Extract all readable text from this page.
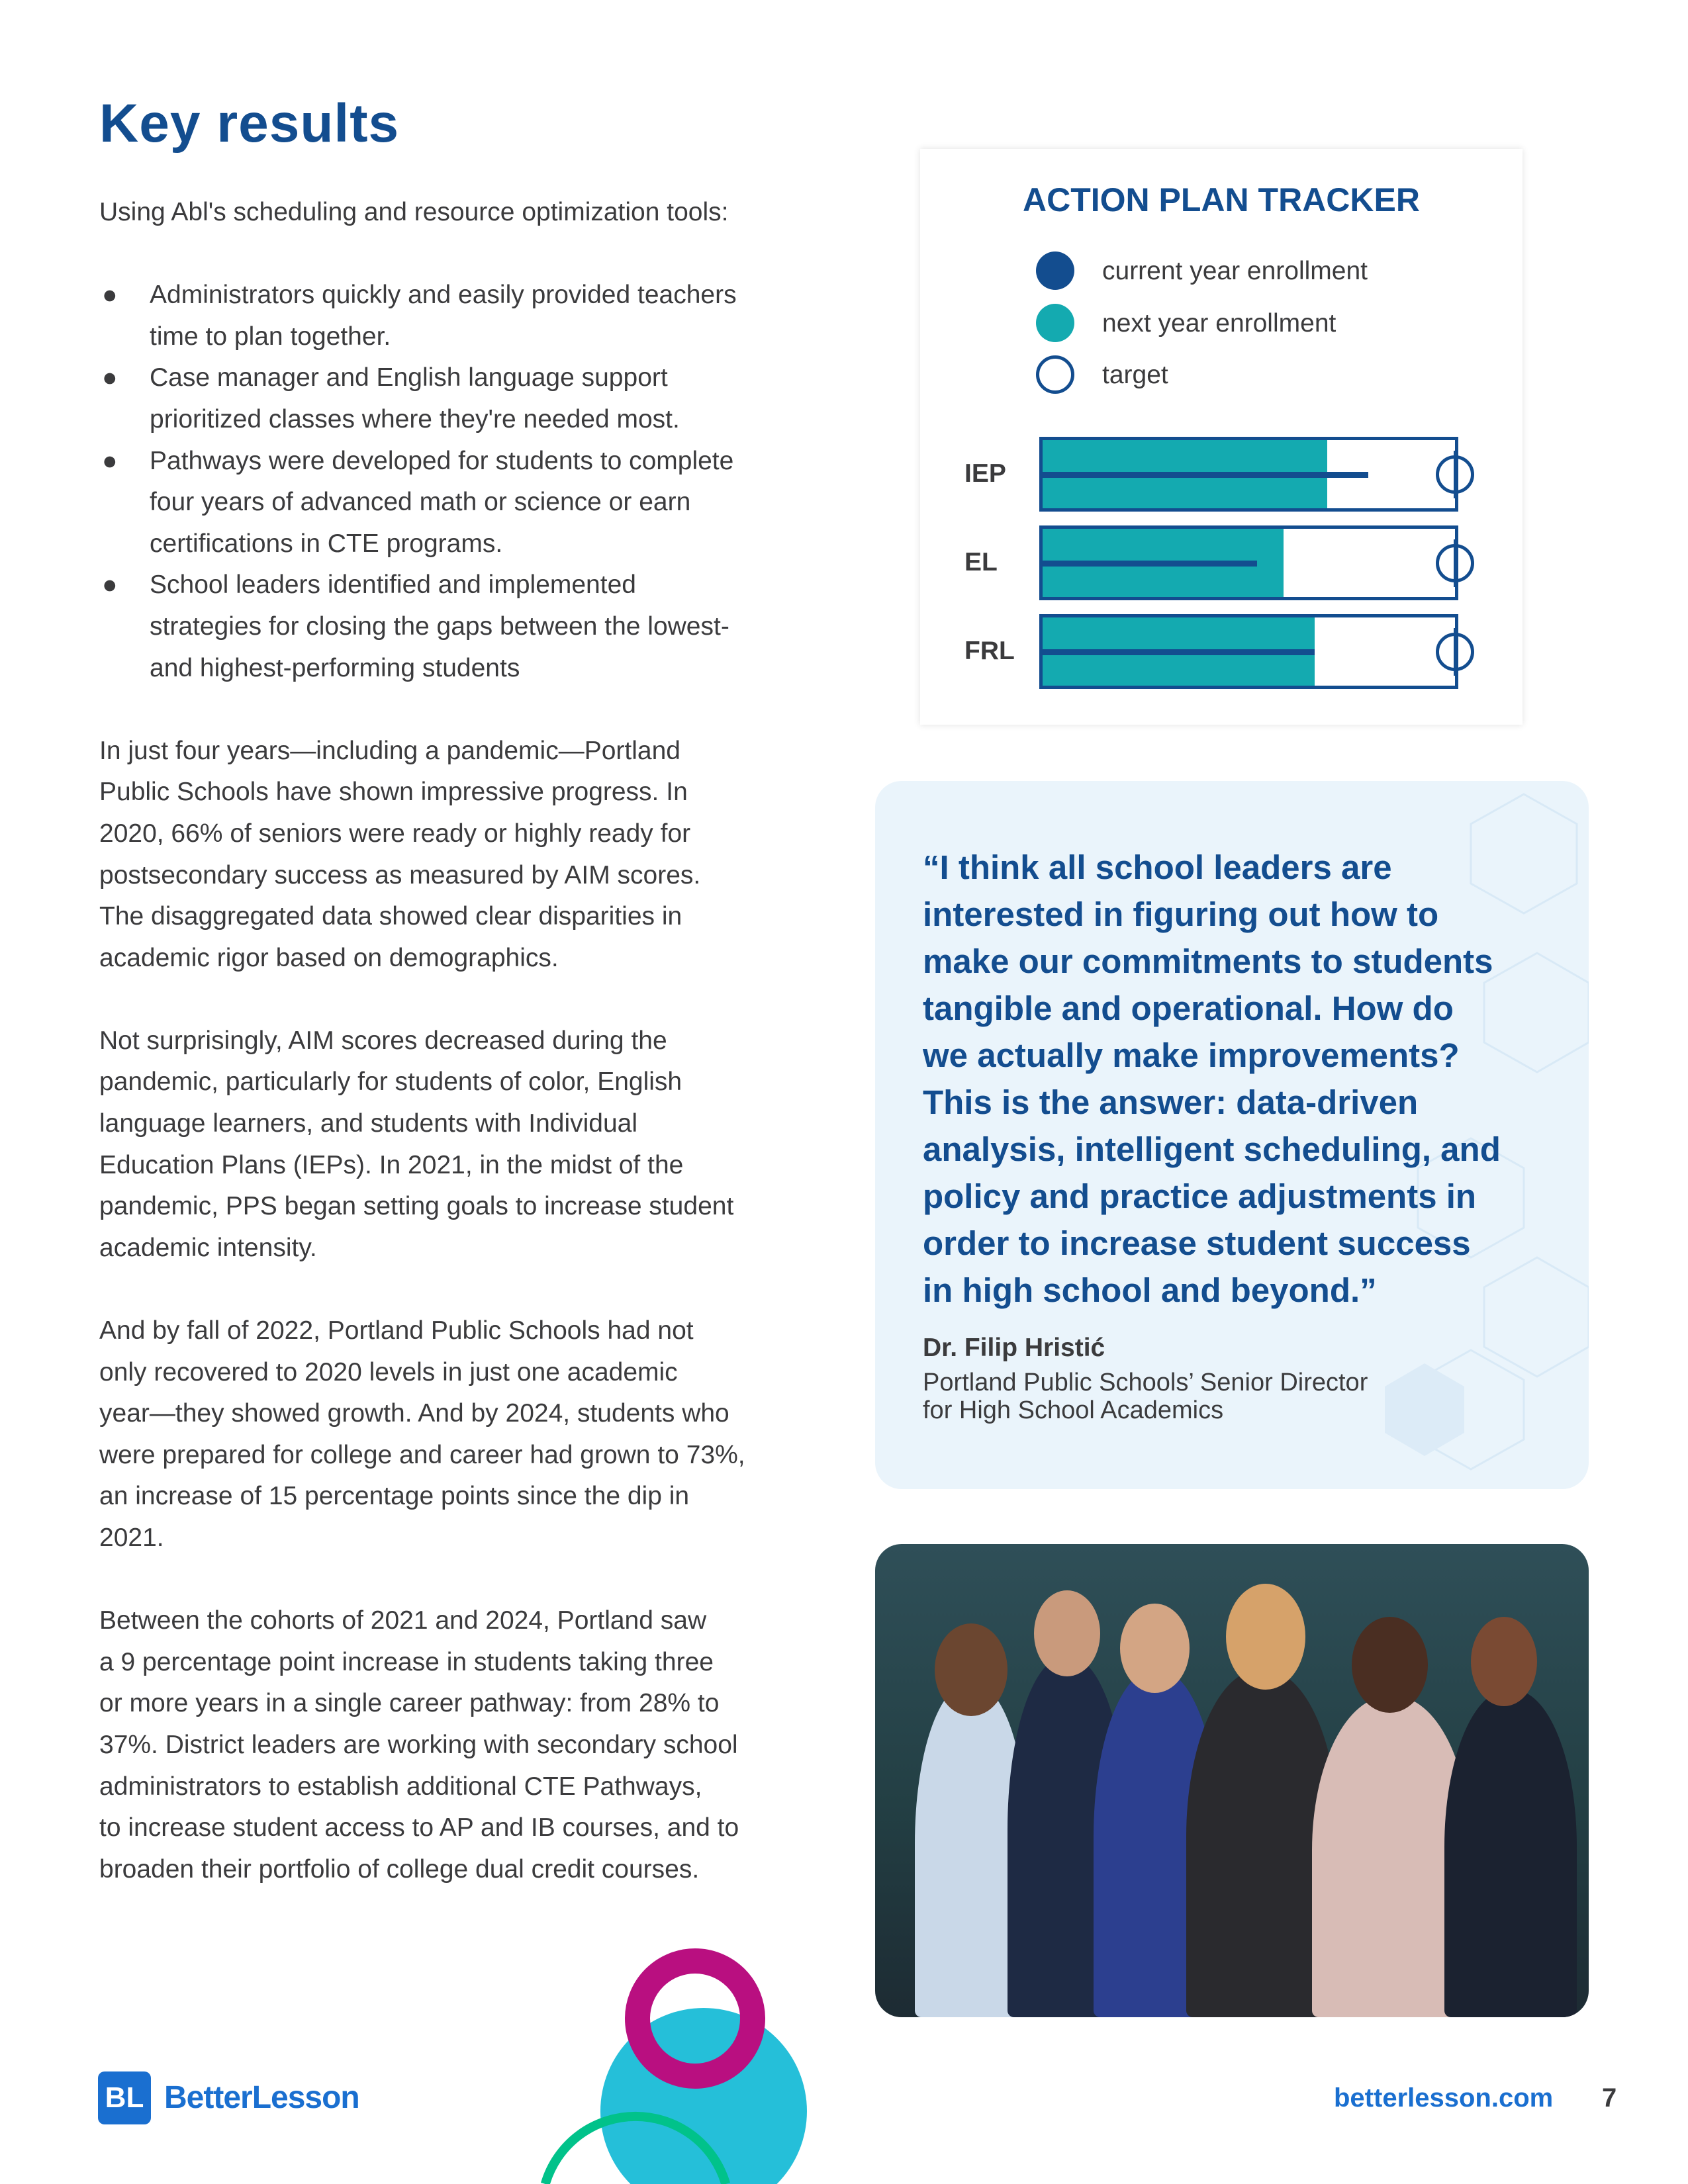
Key results
Using Abl's scheduling and resource optimization tools:
● Administrators quickly and easily provided teachers
time to plan together.
● Case manager and English language support
prioritized classes where they're needed most.
● Pathways were developed for students to complete
four years of advanced math or science or earn
certifications in CTE programs.
● School leaders identified and implemented
strategies for closing the gaps between the lowest-
and highest-performing students
In just four years—including a pandemic—Portland
Public Schools have shown impressive progress. In
2020, 66% of seniors were ready or highly ready for
postsecondary success as measured by AIM scores.
The disaggregated data showed clear disparities in
academic rigor based on demographics.
Not surprisingly, AIM scores decreased during the
pandemic, particularly for students of color, English
language learners, and students with Individual
Education Plans (IEPs). In 2021, in the midst of the
pandemic, PPS began setting goals to increase student
academic intensity.
And by fall of 2022, Portland Public Schools had not
only recovered to 2020 levels in just one academic
year—they showed growth. And by 2024, students who
were prepared for college and career had grown to 73%,
an increase of 15 percentage points since the dip in
2021.
Between the cohorts of 2021 and 2024, Portland saw
a 9 percentage point increase in students taking three
or more years in a single career pathway: from 28% to
37%. District leaders are working with secondary school
administrators to establish additional CTE Pathways,
to increase student access to AP and IB courses, and to
broaden their portfolio of college dual credit courses.
ACTION PLAN TRACKER
current year enrollment
next year enrollment
target
IEP
EL
FRL
“I think all school leaders are
interested in figuring out how to
make our commitments to students
tangible and operational. How do
we actually make improvements?
This is the answer: data-driven
analysis, intelligent scheduling, and
policy and practice adjustments in
order to increase student success
in high school and beyond.”
Dr. Filip Hristić
Portland Public Schools’ Senior Director
for High School Academics
BL BetterLesson	betterlesson.com 7
